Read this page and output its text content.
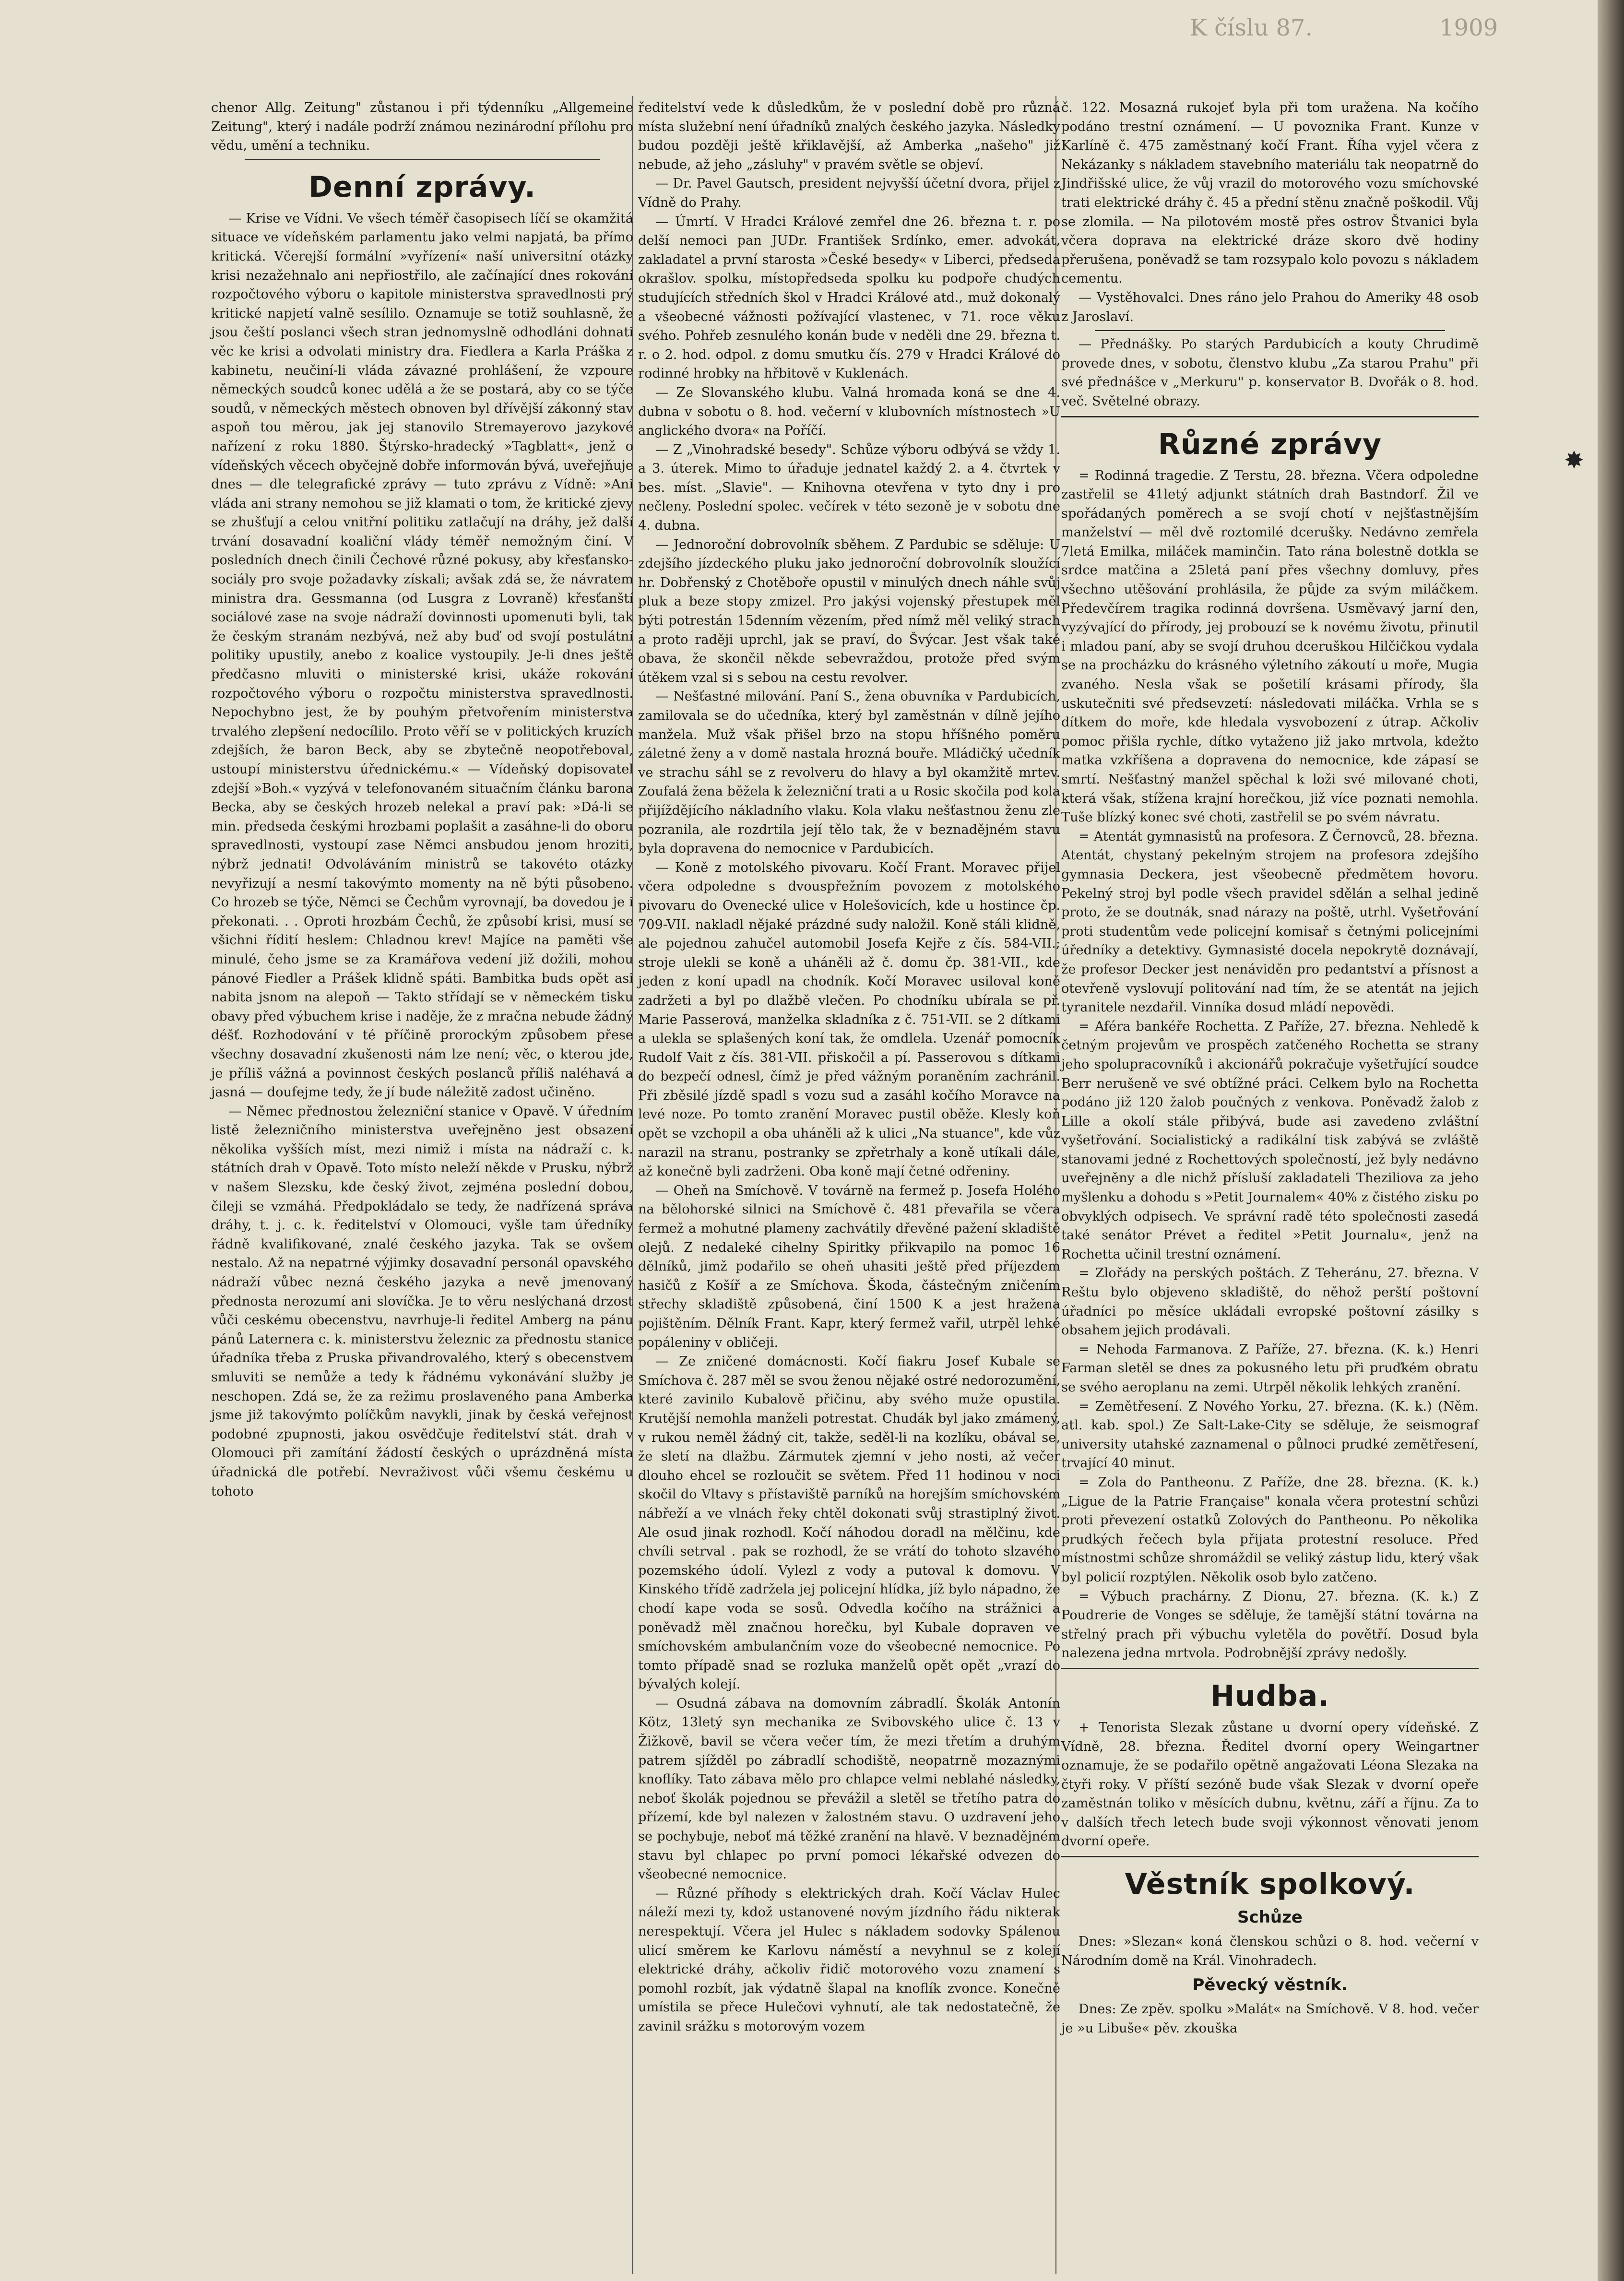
K číslu 87.	1909

chenor Allg. Zeitung" zůstanou i při týdenníku „Allgemeine Zeitung", který i nadále podrží známou nezinárodní přílohu pro vědu, umění a techniku.

Denní zprávy.

— Krise ve Vídni. Ve všech téměř časopisech líčí se okamžitá situace ve vídeňském parlamentu jako velmi napjatá, ba přímo kritická. Včerejší formální »vyřízení« naší universitní otázky krisi nezažehnalo ani nepřiostřilo, ale začínající dnes rokování rozpočtového výboru o kapitole ministerstva spravedlnosti prý kritické napjetí valně sesílilo. Oznamuje se totiž souhlasně, že jsou čeští poslanci všech stran jednomyslně odhodláni dohnati věc ke krisi a odvolati ministry dra. Fiedlera a Karla Práška z kabinetu, neučiní-li vláda závazné prohlášení, že vzpoure německých soudců konec udělá a že se postará, aby co se týče soudů, v německých městech obnoven byl dřívější zákonný stav aspoň tou měrou, jak jej stanovilo Stremayerovo jazykové nařízení z roku 1880. Štýrsko-hradecký »Tagblatt«, jenž o vídeňských věcech obyčejně dobře informován bývá, uveřejňuje dnes — dle telegrafické zprávy — tuto zprávu z Vídně: »Ani vláda ani strany nemohou se již klamati o tom, že kritické zjevy se zhušťují a celou vnitřní politiku zatlačují na dráhy, jež další trvání dosavadní koaliční vlády téměř nemožným činí. V posledních dnech činili Čechové různé pokusy, aby křesťansko-sociály pro svoje požadavky získali; avšak zdá se, že návratem ministra dra. Gessmanna (od Lusgra z Lovraně) křesťanští sociálové zase na svoje nádraží dovinnosti upomenuti byli, tak že českým stranám nezbývá, než aby buď od svojí postulátní politiky upustily, anebo z koalice vystoupily. Je-li dnes ještě předčasno mluviti o ministerské krisi, ukáže rokování rozpočtového výboru o rozpočtu ministerstva spravedlnosti. Nepochybno jest, že by pouhým přetvořením ministerstva trvalého zlepšení nedocílilo. Proto věří se v politických kruzích zdejších, že baron Beck, aby se zbytečně neopotřeboval, ustoupí ministerstvu úřednickému.« — Vídeňský dopisovatel zdejší »Boh.« vyzývá v telefonovaném situačním článku barona Becka, aby se českých hrozeb nelekal a praví pak: »Dá-li se min. předseda českými hrozbami poplašit a zasáhne-li do oboru spravedlnosti, vystoupí zase Němci ansbudou jenom hroziti, nýbrž jednati! Odvoláváním ministrů se takovéto otázky nevyřizují a nesmí takovýmto momenty na ně býti působeno. Co hrozeb se týče, Němci se Čechům vyrovnají, ba dovedou je i překonati. . . Oproti hrozbám Čechů, že způsobí krisi, musí se všichni řídití heslem: Chladnou krev! Majíce na paměti vše minulé, čeho jsme se za Kramářova vedení již dožili, mohou pánové Fiedler a Prášek klidně spáti. Bambitka buds opět asi nabita jsnom na alepoň — Takto střídají se v německém tisku obavy před výbuchem krise i naděje, že z mračna nebude žádný déšť. Rozhodování v té příčině prorockým způsobem přese všechny dosavadní zkušenosti nám lze není; věc, o kterou jde, je příliš vážná a povinnost českých poslanců příliš naléhavá a jasná — doufejme tedy, že jí bude náležitě zadost učiněno.

— Němec přednostou železniční stanice v Opavě. V úředním listě železničního ministerstva uveřejněno jest obsazení několika vyšších míst, mezi nimiž i místa na nádraží c. k. státních drah v Opavě. Toto místo neleží někde v Prusku, nýbrž v našem Slezsku, kde český život, zejména poslední dobou, čileji se vzmáhá. Předpokládalo se tedy, že nadřízená správa dráhy, t. j. c. k. ředitelství v Olomouci, vyšle tam úředníky řádně kvalifikované, znalé českého jazyka. Tak se ovšem nestalo. Až na nepatrné výjimky dosavadní personál opavského nádraží vůbec nezná českého jazyka a nevě jmenovaný přednosta nerozumí ani slovíčka. Je to věru neslýchaná drzost vůči ceskému obecenstvu, navrhuje-li ředitel Amberg na pánu pánů Laternera c. k. ministerstvu železnic za přednostu stanice úřadníka třeba z Pruska přivandrovalého, který s obecenstvem smluviti se nemůže a tedy k řádnému vykonávání služby je neschopen. Zdá se, že za režimu proslaveného pana Amberka jsme již takovýmto políčkům navykli, jinak by česká veřejnost podobné zpupnosti, jakou osvědčuje ředitelství stát. drah v Olomouci při zamítání žádostí českých o uprázdněná místa úřadnická dle potřebí. Nevraživost vůči všemu českému u tohoto

ředitelství vede k důsledkům, že v poslední době pro různá místa služební není úřadníků znalých českého jazyka. Následky budou později ještě křiklavější, až Amberka „našeho" již nebude, až jeho „zásluhy" v pravém světle se objeví.

— Dr. Pavel Gautsch, president nejvyšší účetní dvora, přijel z Vídně do Prahy.

— Úmrtí. V Hradci Králové zemřel dne 26. března t. r. po delší nemoci pan JUDr. František Srdínko, emer. advokát, zakladatel a první starosta »České besedy« v Liberci, předseda okrašlov. spolku, místopředseda spolku ku podpoře chudých studujících středních škol v Hradci Králové atd., muž dokonalý a všeobecné vážnosti požívající vlastenec, v 71. roce věku svého. Pohřeb zesnulého konán bude v neděli dne 29. března t. r. o 2. hod. odpol. z domu smutku čís. 279 v Hradci Králové do rodinné hrobky na hřbitově v Kuklenách.

— Ze Slovanského klubu. Valná hromada koná se dne 4. dubna v sobotu o 8. hod. večerní v klubovních místnostech »U anglického dvora« na Poříčí.

— Z „Vinohradské besedy". Schůze výboru odbývá se vždy 1. a 3. úterek. Mimo to úřaduje jednatel každý 2. a 4. čtvrtek v bes. míst. „Slavie". — Knihovna otevřena v tyto dny i pro nečleny. Poslední spolec. večírek v této sezoně je v sobotu dne 4. dubna.

— Jednoroční dobrovolník sběhem. Z Pardubic se sděluje: U zdejšího jízdeckého pluku jako jednoroční dobrovolník sloužící hr. Dobřenský z Chotěboře opustil v minulých dnech náhle svůj pluk a beze stopy zmizel. Pro jakýsi vojenský přestupek měl býti potrestán 15denním vězením, před nímž měl veliký strach a proto raději uprchl, jak se praví, do Švýcar. Jest však také obava, že skončil někde sebevraždou, protože před svým útěkem vzal si s sebou na cestu revolver.

— Nešťastné milování. Paní S., žena obuvníka v Pardubicích, zamilovala se do učedníka, který byl zaměstnán v dílně jejího manžela. Muž však přišel brzo na stopu hříšného poměru záletné ženy a v domě nastala hrozná bouře. Mládičký učedník ve strachu sáhl se z revolveru do hlavy a byl okamžitě mrtev. Zoufalá žena běžela k železniční trati a u Rosic skočila pod kola přijíždějícího nákladního vlaku. Kola vlaku nešťastnou ženu zle pozranila, ale rozdrtila její tělo tak, že v beznadějném stavu byla dopravena do nemocnice v Pardubicích.

— Koně z motolského pivovaru. Kočí Frant. Moravec přijel včera odpoledne s dvouspřežním povozem z motolského pivovaru do Ovenecké ulice v Holešovicích, kde u hostince čp. 709-VII. nakladl nějaké prázdné sudy naložil. Koně stáli klidně, ale pojednou zahučel automobil Josefa Kejře z čís. 584-VII.; stroje ulekli se koně a uháněli až č. domu čp. 381-VII., kde jeden z koní upadl na chodník. Kočí Moravec usiloval koně zadržeti a byl po dlažbě vlečen. Po chodníku ubírala se př. Marie Passerová, manželka skladníka z č. 751-VII. se 2 dítkami a ulekla se splašených koní tak, že omdlela. Uzenář pomocník Rudolf Vait z čís. 381-VII. přiskočil a pí. Passerovou s dítkami do bezpečí odnesl, čímž je před vážným poraněním zachránil. Při zběsilé jízdě spadl s vozu sud a zasáhl kočího Moravce na levé noze. Po tomto zranění Moravec pustil oběže. Klesly koň opět se vzchopil a oba uháněli až k ulici „Na stuance", kde vůz narazil na stranu, postranky se zpřetrhaly a koně utíkali dále, až konečně byli zadrženi. Oba koně mají četné odřeniny.

— Oheň na Smíchově. V továrně na fermež p. Josefa Holého na bělohorské silnici na Smíchově č. 481 převařila se včera fermež a mohutné plameny zachvátily dřevěné pažení skladiště olejů. Z nedaleké cihelny Spiritky přikvapilo na pomoc 16 dělníků, jimž podařilo se oheň uhasiti ještě před příjezdem hasičů z Košíř a ze Smíchova. Škoda, částečným zničením střechy skladiště způsobená, činí 1500 K a jest hražena pojištěním. Dělník Frant. Kapr, který fermež vařil, utrpěl lehké popáleniny v obličeji.

— Ze zničené domácnosti. Kočí fiakru Josef Kubale se Smíchova č. 287 měl se svou ženou nějaké ostré nedorozumění, které zavinilo Kubalově přičinu, aby svého muže opustila. Krutější nemohla manželi potrestat. Chudák byl jako zmámený, v rukou neměl žádný cit, takže, seděl-li na kozlíku, obával se, že sletí na dlažbu. Zármutek zjemní v jeho nosti, až večer dlouho ehcel se rozloučit se světem. Před 11 hodinou v noci skočil do Vltavy s přístaviště parníků na horejším smíchovském nábřeží a ve vlnách řeky chtěl dokonati svůj strastiplný život. Ale osud jinak rozhodl. Kočí náhodou doradl na mělčinu, kde chvíli setrval . pak se rozhodl, že se vrátí do tohoto slzavého pozemského údolí. Vylezl z vody a putoval k domovu. V Kinského třídě zadržela jej policejní hlídka, jíž bylo nápadno, že chodí kape voda se sosů. Odvedla kočího na strážnici a poněvadž měl značnou horečku, byl Kubale dopraven ve smíchovském ambulančním voze do všeobecné nemocnice. Po tomto případě snad se rozluka manželů opět opět „vrazí do bývalých kolejí.

— Osudná zábava na domovním zábradlí. Školák Antonín Kötz, 13letý syn mechanika ze Svibovského ulice č. 13 v Žižkově, bavil se včera večer tím, že mezi třetím a druhým patrem sjížděl po zábradlí schodiště, neopatrně mozaznými knoflíky. Tato zábava mělo pro chlapce velmi neblahé následky, neboť školák pojednou se převážil a sletěl se třetího patra do přízemí, kde byl nalezen v žalostném stavu. O uzdravení jeho se pochybuje, neboť má těžké zranění na hlavě. V beznadějném stavu byl chlapec po první pomoci lékařské odvezen do všeobecné nemocnice.

— Různé příhody s elektrických drah. Kočí Václav Hulec náleží mezi ty, kdož ustanovené novým jízdního řádu nikterak nerespektují. Včera jel Hulec s nákladem sodovky Spálenou ulicí směrem ke Karlovu náměstí a nevyhnul se z kolejí elektrické dráhy, ačkoliv řidič motorového vozu znamení s pomohl rozbít, jak výdatně šlapal na knoflík zvonce. Konečně umístila se přece Hulečovi vyhnutí, ale tak nedostatečně, že zavinil srážku s motorovým vozem

č. 122. Mosazná rukojeť byla při tom uražena. Na kočího podáno trestní oznámení. — U povoznika Frant. Kunze v Karlíně č. 475 zaměstnaný kočí Frant. Říha vyjel včera z Nekázanky s nákladem stavebního materiálu tak neopatrně do Jindřišské ulice, že vůj vrazil do motorového vozu smíchovské trati elektrické dráhy č. 45 a přední stěnu značně poškodil. Vůj se zlomila. — Na pilotovém mostě přes ostrov Štvanici byla včera doprava na elektrické dráze skoro dvě hodiny přerušena, poněvadž se tam rozsypalo kolo povozu s nákladem cementu.

— Vystěhovalci. Dnes ráno jelo Prahou do Ameriky 48 osob z Jaroslaví.

— Přednášky. Po starých Pardubicích a kouty Chrudimě provede dnes, v sobotu, členstvo klubu „Za starou Prahu" při své přednášce v „Merkuru" p. konservator B. Dvořák o 8. hod. več. Světelné obrazy.

Různé zprávy

= Rodinná tragedie. Z Terstu, 28. března. Včera odpoledne zastřelil se 41letý adjunkt státních drah Bastndorf. Žil ve spořádaných poměrech a se svojí chotí v nejšťastnějším manželství — měl dvě roztomilé dcerušky. Nedávno zemřela 7letá Emilka, miláček maminčin. Tato rána bolestně dotkla se srdce matčina a 25letá paní přes všechny domluvy, přes všechno utěšování prohlásila, že půjde za svým miláčkem. Předevčírem tragika rodinná dovršena. Usměvavý jarní den, vyzývající do přírody, jej probouzí se k novému životu, přinutil i mladou paní, aby se svojí druhou dceruškou Hilčičkou vydala se na procházku do krásného výletního zákoutí u moře, Mugia zvaného. Nesla však se pošetilí krásami přírody, šla uskutečniti své předsevzetí: následovati miláčka. Vrhla se s dítkem do moře, kde hledala vysvobození z útrap. Ačkoliv pomoc přišla rychle, dítko vytaženo již jako mrtvola, kdežto matka vzkříšena a dopravena do nemocnice, kde zápasí se smrtí. Nešťastný manžel spěchal k loži své milované choti, která však, stížena krajní horečkou, již více poznati nemohla. Tuše blízký konec své choti, zastřelil se po svém návratu.

= Atentát gymnasistů na profesora. Z Černovců, 28. března. Atentát, chystaný pekelným strojem na profesora zdejšího gymnasia Deckera, jest všeobecně předmětem hovoru. Pekelný stroj byl podle všech pravidel sdělán a selhal jedině proto, že se doutnák, snad nárazy na poště, utrhl. Vyšetřování proti studentům vede policejní komisař s četnými policejními úředníky a detektivy. Gymnasisté docela nepokrytě doznávají, že profesor Decker jest nenáviděn pro pedantství a přísnost a otevřeně vyslovují politování nad tím, že se atentát na jejich tyranitele nezdařil. Vinníka dosud mládí nepovědi.

= Aféra bankéře Rochetta. Z Paříže, 27. března. Nehledě k četným projevům ve prospěch zatčeného Rochetta se strany jeho spolupracovníků i akcionářů pokračuje vyšetřující soudce Berr nerušeně ve své obtížné práci. Celkem bylo na Rochetta podáno již 120 žalob poučných z venkova. Poněvadž žalob z Lille a okolí stále přibývá, bude asi zavedeno zvláštní vyšetřování. Socialistický a radikální tisk zabývá se zvláště stanovami jedné z Rochettových společností, jež byly nedávno uveřejněny a dle nichž přísluší zakladateli Theziliova za jeho myšlenku a dohodu s »Petit Journalem« 40% z čistého zisku po obvyklých odpisech. Ve správní radě této společnosti zasedá také senátor Prévet a ředitel »Petit Journalu«, jenž na Rochetta učinil trestní oznámení.

= Zlořády na perských poštách. Z Teheránu, 27. března. V Reštu bylo objeveno skladiště, do něhož perští poštovní úřadníci po měsíce ukládali evropské poštovní zásilky s obsahem jejich prodávali.

= Nehoda Farmanova. Z Paříže, 27. března. (K. k.) Henri Farman sletěl se dnes za pokusného letu při pruďkém obratu se svého aeroplanu na zemi. Utrpěl několik lehkých zranění.

= Zemětřesení. Z Nového Yorku, 27. března. (K. k.) (Něm. atl. kab. spol.) Ze Salt-Lake-City se sděluje, že seismograf university utahské zaznamenal o půlnoci prudké zemětřesení, trvající 40 minut.

= Zola do Pantheonu. Z Paříže, dne 28. března. (K. k.) „Ligue de la Patrie Française" konala včera protestní schůzi proti převezení ostatků Zolových do Pantheonu. Po několika prudkých řečech byla přijata protestní resoluce. Před místnostmi schůze shromáždil se veliký zástup lidu, který však byl policií rozptýlen. Několik osob bylo zatčeno.

= Výbuch prachárny. Z Dionu, 27. března. (K. k.) Z Poudrerie de Vonges se sděluje, že tamější státní továrna na střelný prach při výbuchu vyletěla do povětří. Dosud byla nalezena jedna mrtvola. Podrobnější zprávy nedošly.

Hudba.

+ Tenorista Slezak zůstane u dvorní opery vídeňské. Z Vídně, 28. března. Ředitel dvorní opery Weingartner oznamuje, že se podařilo opětně angažovati Léona Slezaka na čtyři roky. V příští sezóně bude však Slezak v dvorní opeře zaměstnán toliko v měsících dubnu, květnu, září a říjnu. Za to v dalších třech letech bude svoji výkonnost věnovati jenom dvorní opeře.

Věstník spolkový.
Schůze

Dnes: »Slezan« koná členskou schůzi o 8. hod. večerní v Národním domě na Král. Vinohradech.

Pěvecký věstník.

Dnes: Ze zpěv. spolku »Malát« na Smíchově. V 8. hod. večer je »u Libuše« pěv. zkouška

✸
